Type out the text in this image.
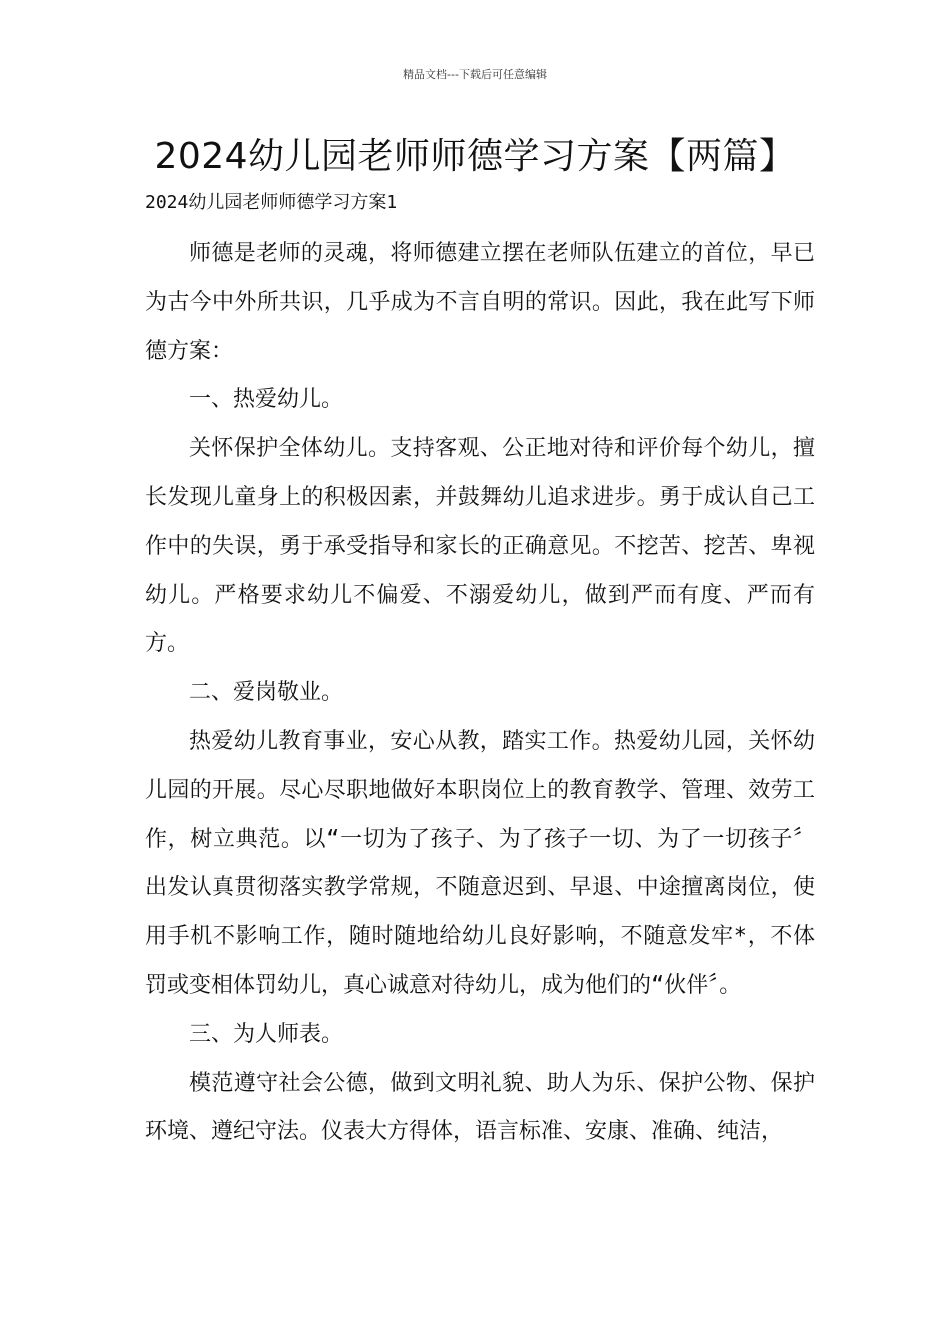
精品文档---下载后可任意编辑
2024幼儿园老师师德学习方案【两篇】
2024幼儿园老师师德学习方案1

师德是老师的灵魂，将师德建立摆在老师队伍建立的首位，早已为古今中外所共识，几乎成为不言自明的常识。因此，我在此写下师德方案：

一、热爱幼儿。

关怀保护全体幼儿。支持客观、公正地对待和评价每个幼儿，擅长发现儿童身上的积极因素，并鼓舞幼儿追求进步。勇于成认自己工作中的失误，勇于承受指导和家长的正确意见。不挖苦、挖苦、卑视幼儿。严格要求幼儿不偏爱、不溺爱幼儿，做到严而有度、严而有方。

二、爱岗敬业。

热爱幼儿教育事业，安心从教，踏实工作。热爱幼儿园，关怀幼儿园的开展。尽心尽职地做好本职岗位上的教育教学、管理、效劳工作，树立典范。以“一切为了孩子、为了孩子一切、为了一切孩子〞出发认真贯彻落实教学常规，不随意迟到、早退、中途擅离岗位，使用手机不影响工作，随时随地给幼儿良好影响，不随意发牢*，不体罚或变相体罚幼儿，真心诚意对待幼儿，成为他们的“伙伴〞。

三、为人师表。

模范遵守社会公德，做到文明礼貌、助人为乐、保护公物、保护环境、遵纪守法。仪表大方得体，语言标准、安康、准确、纯洁，
